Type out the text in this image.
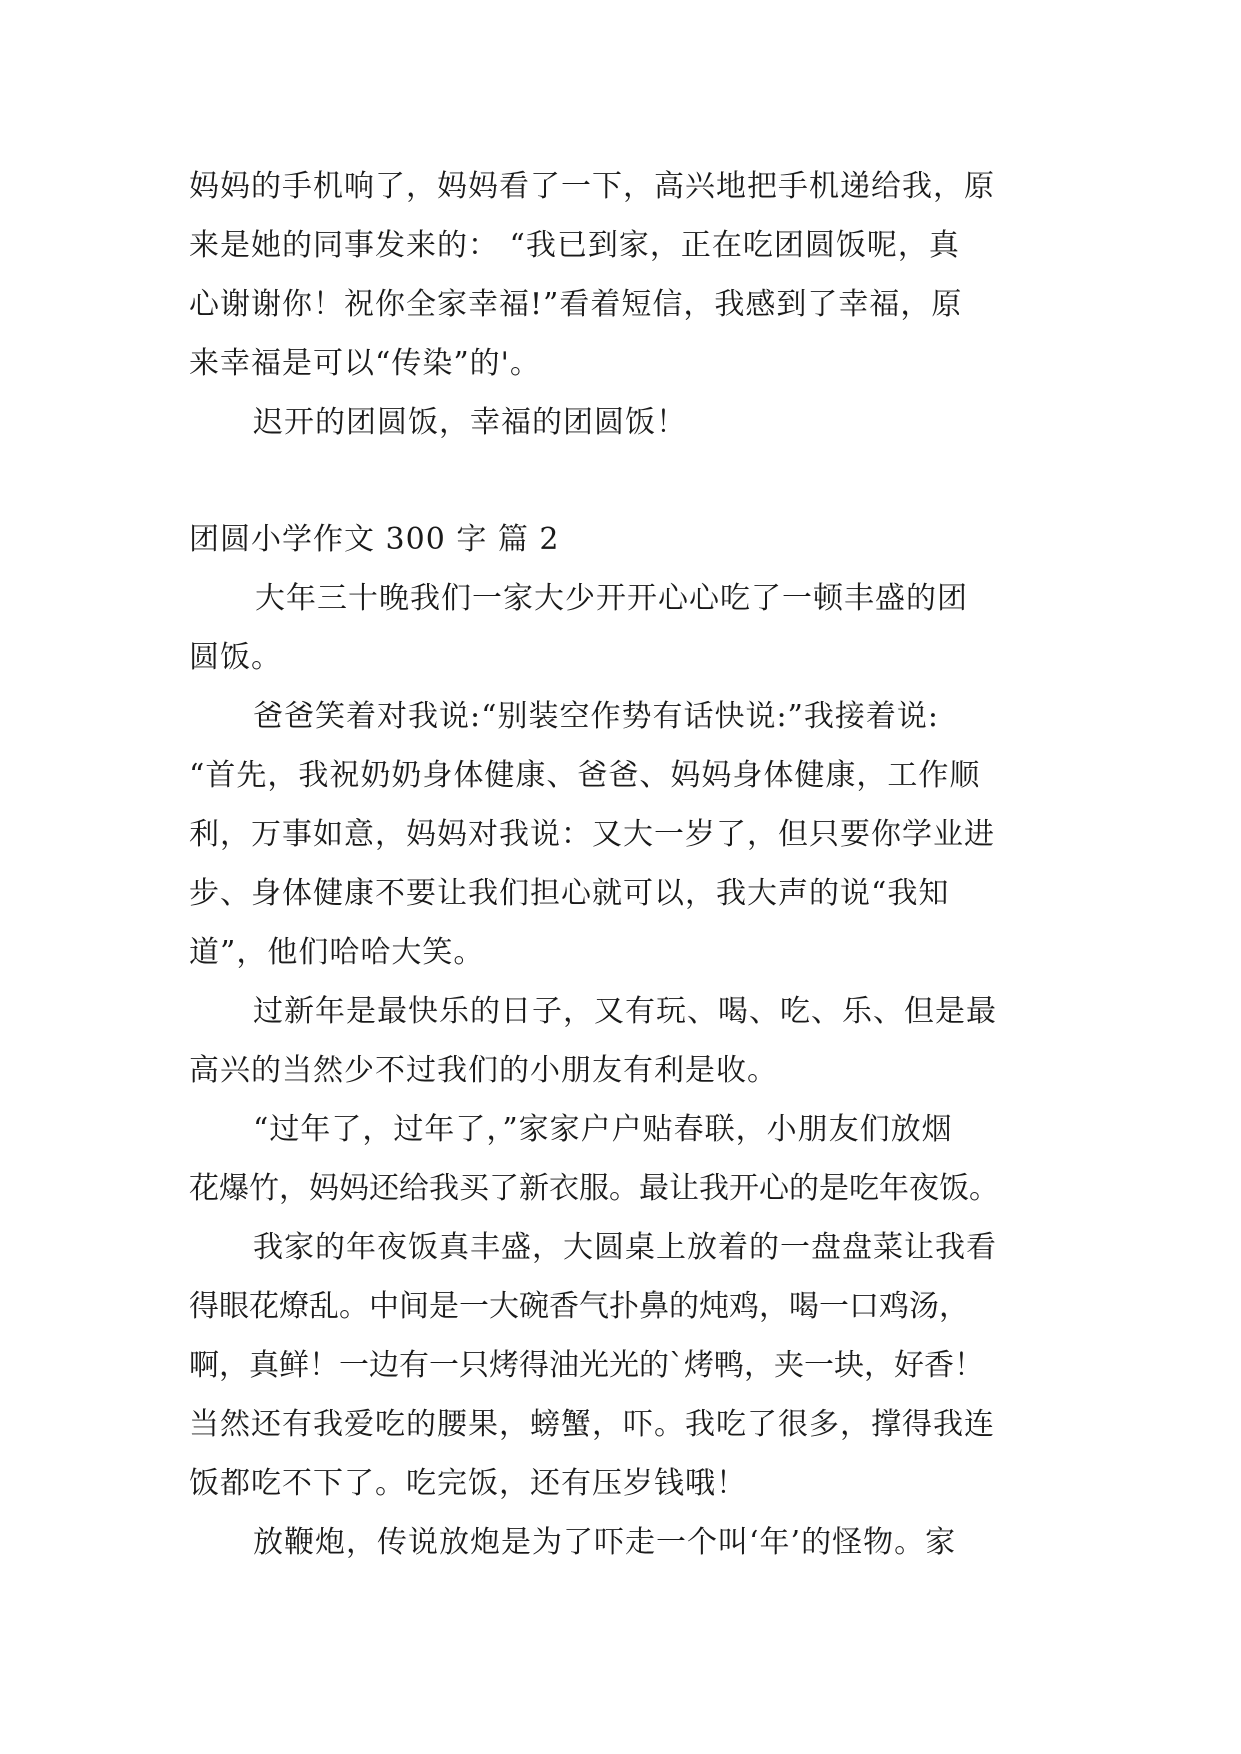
妈妈的手机响了，妈妈看了一下，高兴地把手机递给我，原
来是她的同事发来的： “我已到家，正在吃团圆饭呢，真
心谢谢你！祝你全家幸福!”看着短信，我感到了幸福，原
来幸福是可以“传染”的'。
迟开的团圆饭，幸福的团圆饭！
团圆小学作文 300 字 篇 2
大年三十晚我们一家大少开开心心吃了一顿丰盛的团
圆饭。
爸爸笑着对我说:“别装空作势有话快说:”我接着说:
“首先，我祝奶奶身体健康、爸爸、妈妈身体健康，工作顺
利，万事如意，妈妈对我说：又大一岁了，但只要你学业进
步、身体健康不要让我们担心就可以，我大声的说“我知
道”，他们哈哈大笑。
过新年是最快乐的日子，又有玩、喝、吃、乐、但是最
高兴的当然少不过我们的小朋友有利是收。
“过年了，过年了，”家家户户贴春联，小朋友们放烟
花爆竹，妈妈还给我买了新衣服。最让我开心的是吃年夜饭。
我家的年夜饭真丰盛，大圆桌上放着的一盘盘菜让我看
得眼花燎乱。中间是一大碗香气扑鼻的炖鸡，喝一口鸡汤，
啊，真鲜！一边有一只烤得油光光的`烤鸭，夹一块，好香！
当然还有我爱吃的腰果，螃蟹，吓。我吃了很多，撑得我连
饭都吃不下了。吃完饭，还有压岁钱哦！
放鞭炮，传说放炮是为了吓走一个叫‘年’的怪物。家
